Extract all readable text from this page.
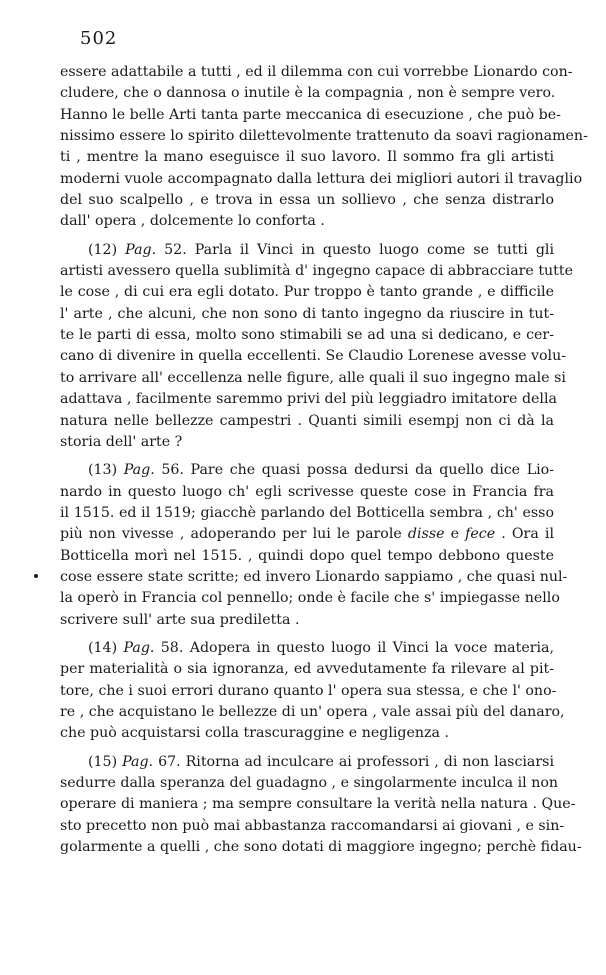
502
essere adattabile a tutti , ed il dilemma con cui vorrebbe Lionardo con-
cludere, che o dannosa o inutile è la compagnia , non è sempre vero.
Hanno le belle Arti tanta parte meccanica di esecuzione , che può be-
nissimo essere lo spirito dilettevolmente trattenuto da soavi ragionamen-
ti , mentre la mano eseguisce il suo lavoro. Il sommo fra gli artisti
moderni vuole accompagnato dalla lettura dei migliori autori il travaglio
del suo scalpello , e trova in essa un sollievo , che senza distrarlo
dall' opera , dolcemente lo conforta .
(12) Pag. 52. Parla il Vinci in questo luogo come se tutti gli
artisti avessero quella sublimità d' ingegno capace di abbracciare tutte
le cose , di cui era egli dotato. Pur troppo è tanto grande , e difficile
l' arte , che alcuni, che non sono di tanto ingegno da riuscire in tut-
te le parti di essa, molto sono stimabili se ad una si dedicano, e cer-
cano di divenire in quella eccellenti. Se Claudio Lorenese avesse volu-
to arrivare all' eccellenza nelle figure, alle quali il suo ingegno male si
adattava , facilmente saremmo privi del più leggiadro imitatore della
natura nelle bellezze campestri . Quanti simili esempj non ci dà la
storia dell' arte ?
(13) Pag. 56. Pare che quasi possa dedursi da quello dice Lio-
nardo in questo luogo ch' egli scrivesse queste cose in Francia fra
il 1515. ed il 1519; giacchè parlando del Botticella sembra , ch' esso
più non vivesse , adoperando per lui le parole disse e fece . Ora il
Botticella morì nel 1515. , quindi dopo quel tempo debbono queste
cose essere state scritte; ed invero Lionardo sappiamo , che quasi nul-
la operò in Francia col pennello; onde è facile che s' impiegasse nello
scrivere sull' arte sua prediletta .
(14) Pag. 58. Adopera in questo luogo il Vinci la voce materia,
per materialità o sia ignoranza, ed avvedutamente fa rilevare al pit-
tore, che i suoi errori durano quanto l' opera sua stessa, e che l' ono-
re , che acquistano le bellezze di un' opera , vale assai più del danaro,
che può acquistarsi colla trascuraggine e negligenza .
(15) Pag. 67. Ritorna ad inculcare ai professori , di non lasciarsi
sedurre dalla speranza del guadagno , e singolarmente inculca il non
operare di maniera ; ma sempre consultare la verità nella natura . Que-
sto precetto non può mai abbastanza raccomandarsi ai giovani , e sin-
golarmente a quelli , che sono dotati di maggiore ingegno; perchè fidau-
